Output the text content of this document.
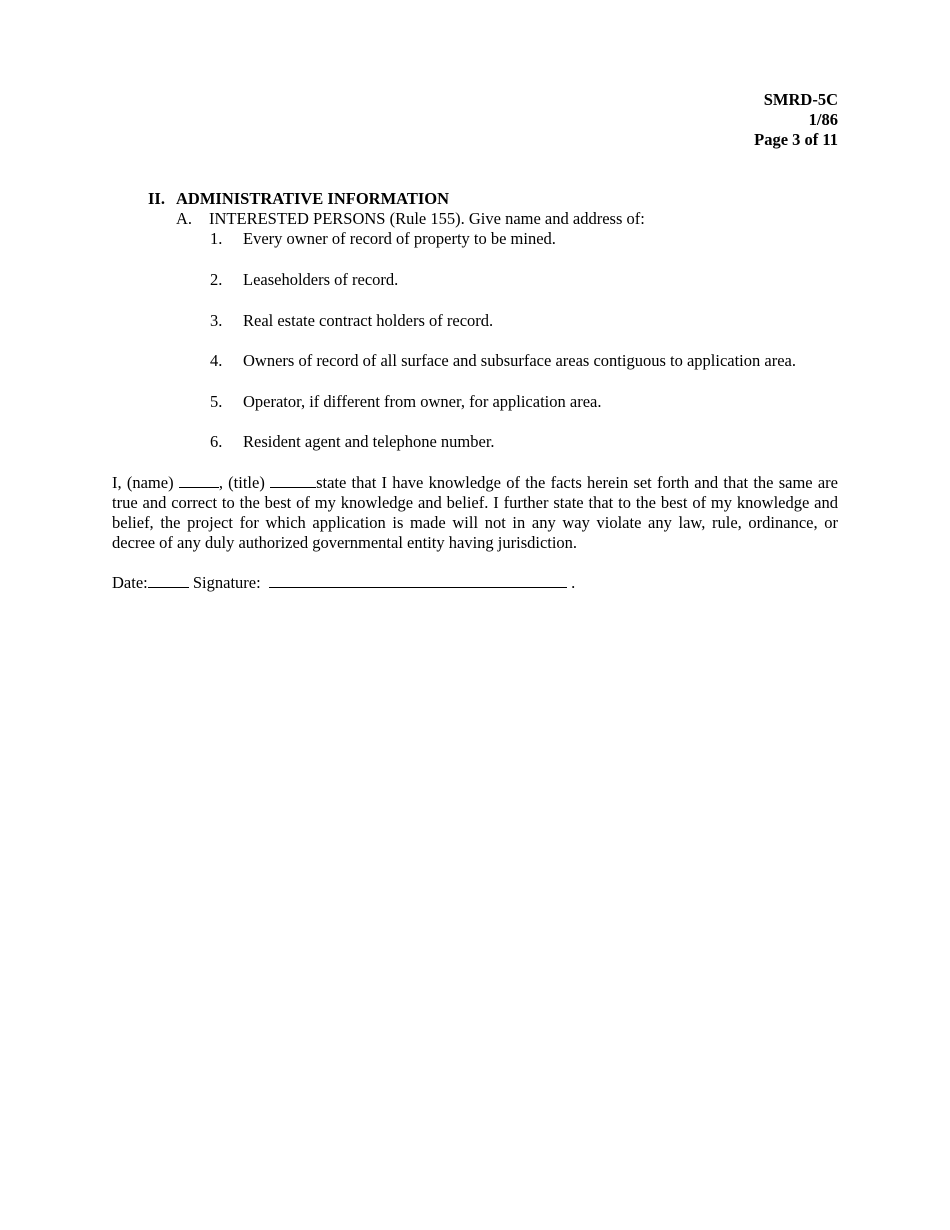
SMRD-5C
1/86
Page 3 of 11
II. ADMINISTRATIVE INFORMATION
A. INTERESTED PERSONS (Rule 155). Give name and address of:
1. Every owner of record of property to be mined.
2. Leaseholders of record.
3. Real estate contract holders of record.
4. Owners of record of all surface and subsurface areas contiguous to application area.
5. Operator, if different from owner, for application area.
6. Resident agent and telephone number.
I, (name) , (title)	state that I have knowledge of the facts herein set forth and that the same are true and correct to the best of my knowledge and belief. I further state that to the best of my knowledge and belief, the project for which application is made will not in any way violate any law, rule, ordinance, or decree of any duly authorized governmental entity having jurisdiction.
Date:	Signature:	.
